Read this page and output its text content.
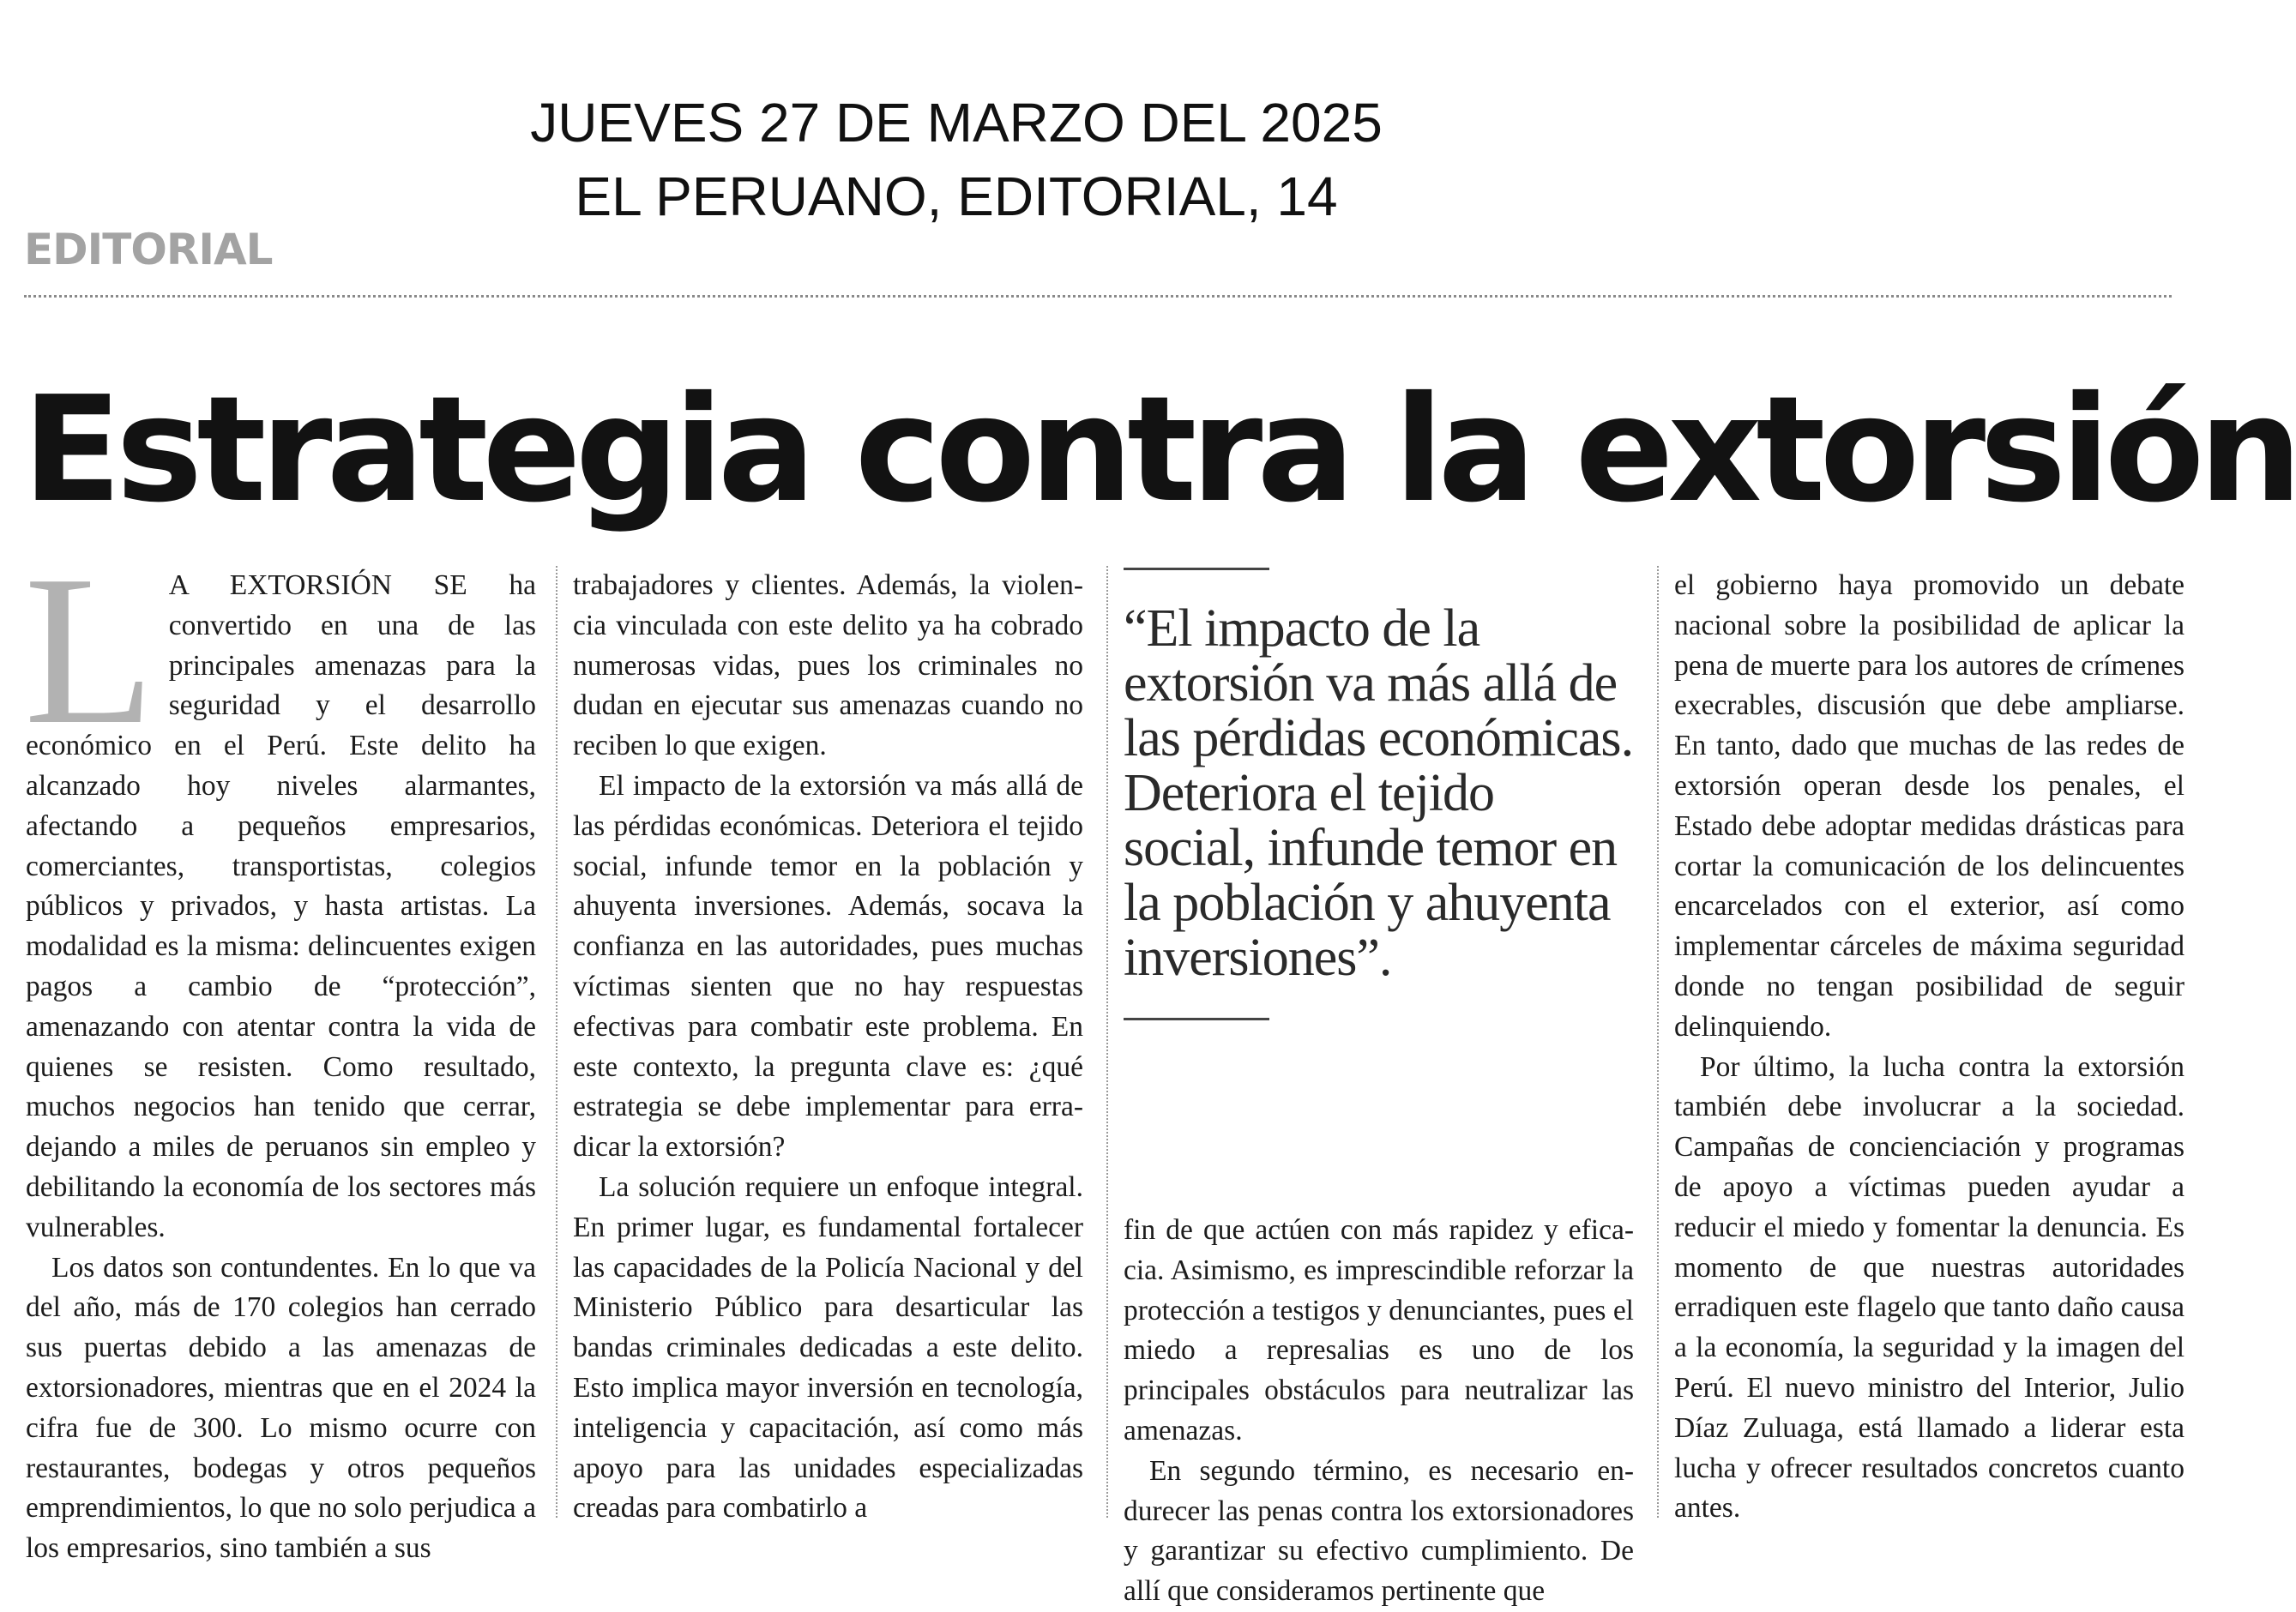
JUEVES 27 DE MARZO DEL 2025
EL PERUANO, EDITORIAL, 14
EDITORIAL
Estrategia contra la extorsión
L A EXTORSIÓN SE ha convertido en una de las principales amenazas para la seguridad y el desarrollo económico en el Perú. Este delito ha alcanzado hoy niveles alarmantes, afectando a pequeños empresarios, comerciantes, transportistas, colegios públicos y privados, y hasta artistas. La modalidad es la misma: delincuentes exigen pagos a cambio de “protección”, amenazando con atentar contra la vida de quienes se resisten. Como resultado, muchos negocios han tenido que cerrar, dejando a miles de peruanos sin empleo y debilitando la economía de los sectores más vulnerables.

Los datos son contundentes. En lo que va del año, más de 170 colegios han cerrado sus puertas debido a las amenazas de extorsionadores, mientras que en el 2024 la cifra fue de 300. Lo mismo ocurre con restaurantes, bodegas y otros pequeños emprendimientos, lo que no solo perjudica a los empresarios, sino también a sus

trabajadores y clientes. Además, la violencia vinculada con este delito ya ha cobrado numerosas vidas, pues los criminales no dudan en ejecutar sus amenazas cuando no reciben lo que exigen.

El impacto de la extorsión va más allá de las pérdidas económicas. Deteriora el tejido social, infunde temor en la población y ahuyenta inversiones. Además, socava la confianza en las autoridades, pues muchas víctimas sienten que no hay respuestas efectivas para combatir este problema. En este contexto, la pregunta clave es: ¿qué estrategia se debe implementar para erradicar la extorsión?

La solución requiere un enfoque integral. En primer lugar, es fundamental fortalecer las capacidades de la Policía Nacional y del Ministerio Público para desarticular las bandas criminales dedicadas a este delito. Esto implica mayor inversión en tecnología, inteligencia y capacitación, así como más apoyo para las unidades especializadas creadas para combatirlo a

“El impacto de la extorsión va más allá de las pérdidas económicas. Deteriora el tejido social, infunde temor en la población y ahuyenta inversiones”.

fin de que actúen con más rapidez y eficacia. Asimismo, es imprescindible reforzar la protección a testigos y denunciantes, pues el miedo a represalias es uno de los principales obstáculos para neutralizar las amenazas.

En segundo término, es necesario endurecer las penas contra los extorsionadores y garantizar su efectivo cumplimiento. De allí que consideramos pertinente que

el gobierno haya promovido un debate nacional sobre la posibilidad de aplicar la pena de muerte para los autores de crímenes execrables, discusión que debe ampliarse. En tanto, dado que muchas de las redes de extorsión operan desde los penales, el Estado debe adoptar medidas drásticas para cortar la comunicación de los delincuentes encarcelados con el exterior, así como implementar cárceles de máxima seguridad donde no tengan posibilidad de seguir delinquiendo.

Por último, la lucha contra la extorsión también debe involucrar a la sociedad. Campañas de concienciación y programas de apoyo a víctimas pueden ayudar a reducir el miedo y fomentar la denuncia. Es momento de que nuestras autoridades erradiquen este flagelo que tanto daño causa a la economía, la seguridad y la imagen del Perú. El nuevo ministro del Interior, Julio Díaz Zuluaga, está llamado a liderar esta lucha y ofrecer resultados concretos cuanto antes.
